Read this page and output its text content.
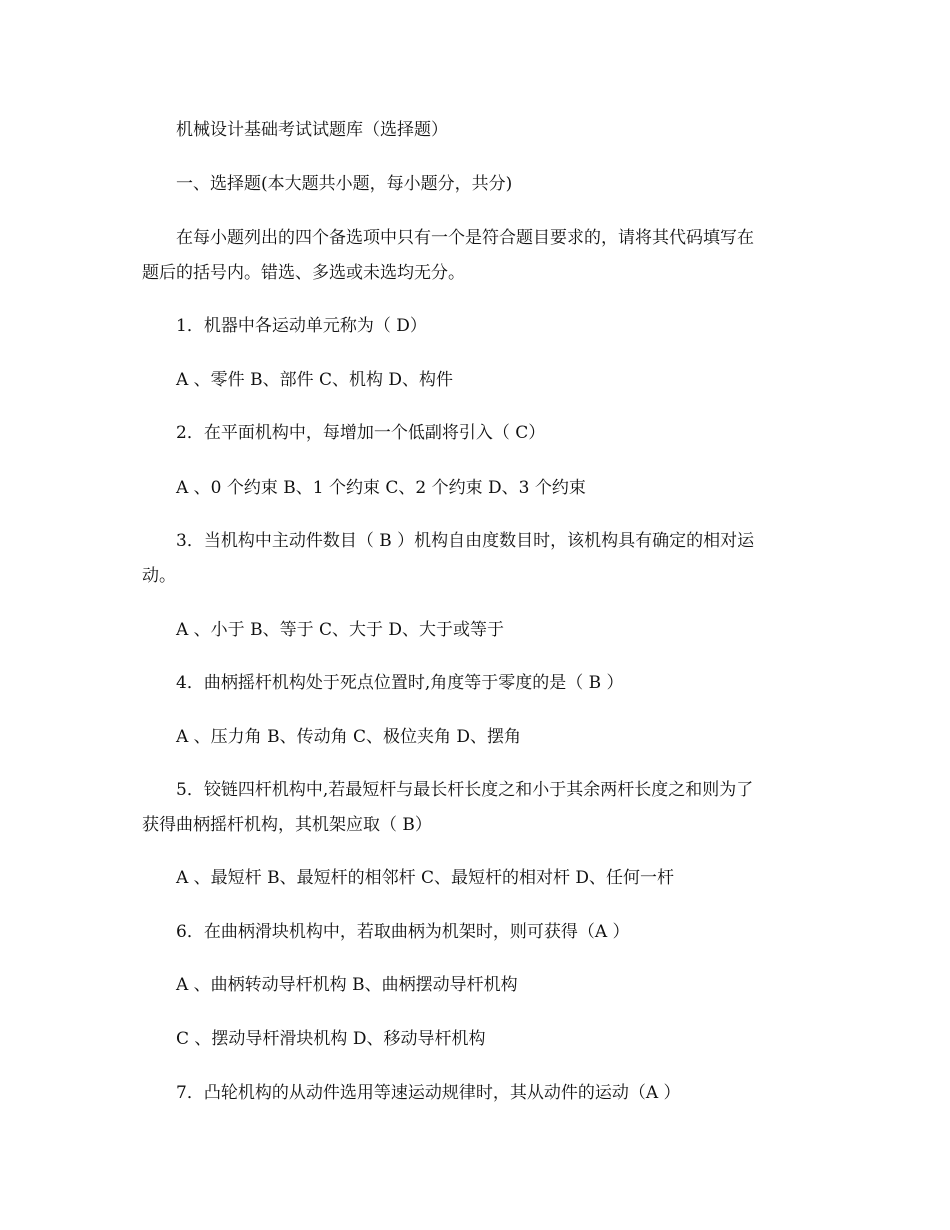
机械设计基础考试试题库（选择题）
一、选择题(本大题共小题，每小题分，共分)
在每小题列出的四个备选项中只有一个是符合题目要求的，请将其代码填写在
题后的括号内。错选、多选或未选均无分。
1．机器中各运动单元称为（ D）
A 、零件 B、部件 C、机构 D、构件
2．在平面机构中，每增加一个低副将引入（ C）
A 、0 个约束 B、1 个约束 C、2 个约束 D、3 个约束
3．当机构中主动件数目（ B ）机构自由度数目时，该机构具有确定的相对运
动。
A 、小于 B、等于 C、大于 D、大于或等于
4．曲柄摇杆机构处于死点位置时,角度等于零度的是（ B ）
A 、压力角 B、传动角 C、极位夹角 D、摆角
5．铰链四杆机构中,若最短杆与最长杆长度之和小于其余两杆长度之和则为了
获得曲柄摇杆机构，其机架应取（ B）
A 、最短杆 B、最短杆的相邻杆 C、最短杆的相对杆 D、任何一杆
6．在曲柄滑块机构中，若取曲柄为机架时，则可获得（A ）
A 、曲柄转动导杆机构 B、曲柄摆动导杆机构
C 、摆动导杆滑块机构 D、移动导杆机构
7．凸轮机构的从动件选用等速运动规律时，其从动件的运动（A ）
